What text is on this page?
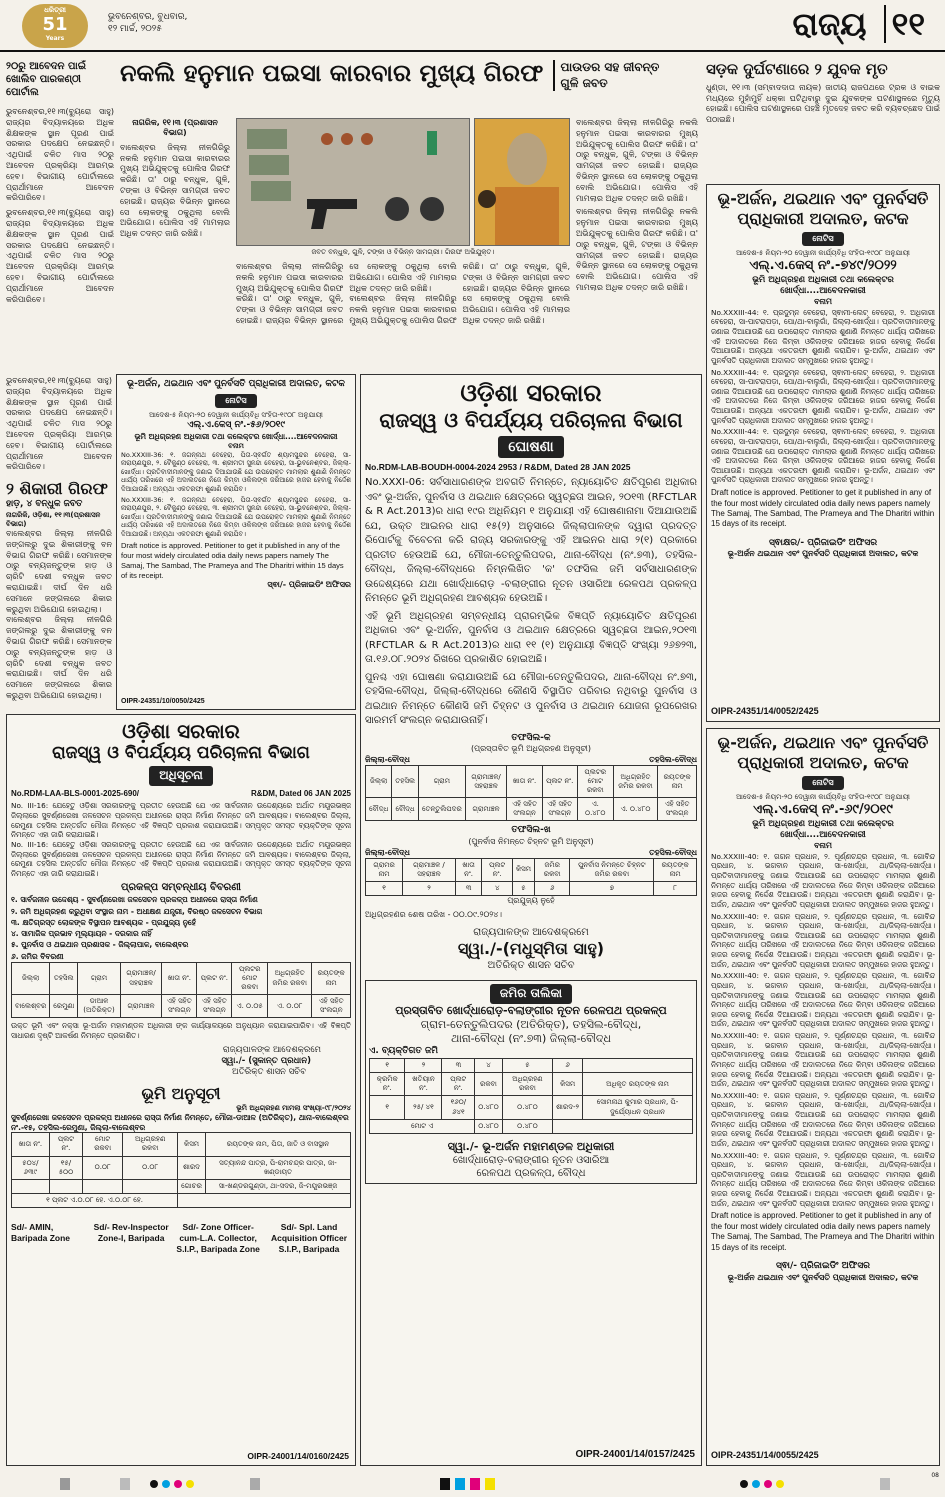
ଧରିତ୍ରୀ
51
Years
ଭୁବନେଶ୍ବର, ବୁଧବାର,
୧୨ ମାର୍ଚ୍ଚ, ୨୦୨୫	ରାଜ୍ୟ ୧୧
୨୦ରୁ ଆବେଦନ ପାଇଁ ଖୋଲିବ ପାରକଣ୍ଠୀ ପୋର୍ଟାଲ
ଭୁବନେଶ୍ବର,୧୧।୩(ବ୍ୟୁରୋ ସାହୁ) ରାଜ୍ୟର ବିଦ୍ୟାଳୟରେ ଅଧିକ ଶିକ୍ଷକଙ୍କ ସ୍ଥାନ ପୂରଣ ପାଇଁ ସରକାର ପଦକ୍ଷେପ ନେଇଛନ୍ତି। ଏଥିପାଇଁ ଚଳିତ ମାସ ୨୦ରୁ ଆବେଦନ ପ୍ରକ୍ରିୟା ଆରମ୍ଭ ହେବ। ବିଭାଗୀୟ ପୋର୍ଟାଲରେ ପ୍ରାର୍ଥୀମାନେ ଆବେଦନ କରିପାରିବେ।
ଭୁବନେଶ୍ବର,୧୧।୩(ବ୍ୟୁରୋ ସାହୁ) ରାଜ୍ୟର ବିଦ୍ୟାଳୟରେ ଅଧିକ ଶିକ୍ଷକଙ୍କ ସ୍ଥାନ ପୂରଣ ପାଇଁ ସରକାର ପଦକ୍ଷେପ ନେଇଛନ୍ତି। ଏଥିପାଇଁ ଚଳିତ ମାସ ୨୦ରୁ ଆବେଦନ ପ୍ରକ୍ରିୟା ଆରମ୍ଭ ହେବ। ବିଭାଗୀୟ ପୋର୍ଟାଲରେ ପ୍ରାର୍ଥୀମାନେ ଆବେଦନ କରିପାରିବେ।
ନକଲି ହନୁମାନ ପଇସା କାରବାର ମୁଖ୍ୟ ଗିରଫ ପାଉଡର ସହ ଜୀବନ୍ତ ଗୁଳି ଜବତ
ନାଗରିକ, ୧୧।୩ (ପ୍ରଶାସନ ବିଭାଗ)
ବାଲେଶ୍ବର ଜିଲ୍ଲା ନୀଳଗିରିରୁ ନକଲି ହନୁମାନ ପଇସା କାରବାରର ମୁଖ୍ୟ ଅଭିଯୁକ୍ତକୁ ପୋଲିସ ଗିରଫ କରିଛି। ତା' ଠାରୁ ବନ୍ଧୁକ, ଗୁଳି, ଟଙ୍କା ଓ ବିଭିନ୍ନ ସାମଗ୍ରୀ ଜବତ ହୋଇଛି। ରାଜ୍ୟର ବିଭିନ୍ନ ସ୍ଥାନରେ ସେ ଲୋକଙ୍କୁ ଠକୁଥିଲା ବୋଲି ଅଭିଯୋଗ। ପୋଲିସ ଏହି ମାମଲାର ଅଧିକ ତଦନ୍ତ ଜାରି ରଖିଛି।
ଜବତ ବନ୍ଧୁକ, ଗୁଳି, ଟଙ୍କା ଓ ବିଭିନ୍ନ ସାମଗ୍ରୀ। ଗିରଫ ଅଭିଯୁକ୍ତ।
ବାଲେଶ୍ବର ଜିଲ୍ଲା ନୀଳଗିରିରୁ ନକଲି ହନୁମାନ ପଇସା କାରବାରର ମୁଖ୍ୟ ଅଭିଯୁକ୍ତକୁ ପୋଲିସ ଗିରଫ କରିଛି। ତା' ଠାରୁ ବନ୍ଧୁକ, ଗୁଳି, ଟଙ୍କା ଓ ବିଭିନ୍ନ ସାମଗ୍ରୀ ଜବତ ହୋଇଛି। ରାଜ୍ୟର ବିଭିନ୍ନ ସ୍ଥାନରେ ସେ ଲୋକଙ୍କୁ ଠକୁଥିଲା ବୋଲି ଅଭିଯୋଗ। ପୋଲିସ ଏହି ମାମଲାର ଅଧିକ ତଦନ୍ତ ଜାରି ରଖିଛି।
ବାଲେଶ୍ବର ଜିଲ୍ଲା ନୀଳଗିରିରୁ ନକଲି ହନୁମାନ ପଇସା କାରବାରର ମୁଖ୍ୟ ଅଭିଯୁକ୍ତକୁ ପୋଲିସ ଗିରଫ କରିଛି। ତା' ଠାରୁ ବନ୍ଧୁକ, ଗୁଳି, ଟଙ୍କା ଓ ବିଭିନ୍ନ ସାମଗ୍ରୀ ଜବତ ହୋଇଛି। ରାଜ୍ୟର ବିଭିନ୍ନ ସ୍ଥାନରେ ସେ ଲୋକଙ୍କୁ ଠକୁଥିଲା ବୋଲି ଅଭିଯୋଗ। ପୋଲିସ ଏହି ମାମଲାର ଅଧିକ ତଦନ୍ତ ଜାରି ରଖିଛି।
ବାଲେଶ୍ବର ଜିଲ୍ଲା ନୀଳଗିରିରୁ ନକଲି ହନୁମାନ ପଇସା କାରବାରର ମୁଖ୍ୟ ଅଭିଯୁକ୍ତକୁ ପୋଲିସ ଗିରଫ କରିଛି। ତା' ଠାରୁ ବନ୍ଧୁକ, ଗୁଳି, ଟଙ୍କା ଓ ବିଭିନ୍ନ ସାମଗ୍ରୀ ଜବତ ହୋଇଛି। ରାଜ୍ୟର ବିଭିନ୍ନ ସ୍ଥାନରେ ସେ ଲୋକଙ୍କୁ ଠକୁଥିଲା ବୋଲି ଅଭିଯୋଗ। ପୋଲିସ ଏହି ମାମଲାର ଅଧିକ ତଦନ୍ତ ଜାରି ରଖିଛି।
ବାଲେଶ୍ବର ଜିଲ୍ଲା ନୀଳଗିରିରୁ ନକଲି ହନୁମାନ ପଇସା କାରବାରର ମୁଖ୍ୟ ଅଭିଯୁକ୍ତକୁ ପୋଲିସ ଗିରଫ କରିଛି। ତା' ଠାରୁ ବନ୍ଧୁକ, ଗୁଳି, ଟଙ୍କା ଓ ବିଭିନ୍ନ ସାମଗ୍ରୀ ଜବତ ହୋଇଛି। ରାଜ୍ୟର ବିଭିନ୍ନ ସ୍ଥାନରେ ସେ ଲୋକଙ୍କୁ ଠକୁଥିଲା ବୋଲି ଅଭିଯୋଗ। ପୋଲିସ ଏହି ମାମଲାର ଅଧିକ ତଦନ୍ତ ଜାରି ରଖିଛି।
ସଡ଼କ ଦୁର୍ଘଟଣାରେ ୨ ଯୁବକ ମୃତ
ଧୁଣ୍ଡା, ୧୧।୩ (ସମ୍ବାଦଦାତା ନାୟକ) ଜାତୀୟ ରାଜପଥରେ ଟ୍ରକ ଓ ବାଇକ ମଧ୍ୟରେ ମୁହାଁମୁହିଁ ଧକ୍କା ଘଟିଥିବାରୁ ଦୁଇ ଯୁବକଙ୍କ ଘଟଣାସ୍ଥଳରେ ମୃତ୍ୟୁ ହୋଇଛି। ପୋଲିସ ଘଟଣାସ୍ଥଳରେ ପହଞ୍ଚି ମୃତଦେହ ଜବତ କରି ବ୍ୟବଚ୍ଛେଦ ପାଇଁ ପଠାଇଛି।
ଭୂ-ଅର୍ଜନ, ଥଇଥାନ ଏବଂ ପୁନର୍ବସତି
ପ୍ରାଧିକାରୀ ଅଦାଲତ, କଟକ
ନୋଟିସ
ଆଦେଶ-୫ ନିୟମ-୨୦ ଦେୱାନୀ କାର୍ଯ୍ୟବିଧି ସଂହିତା-୧୯୦୮ ଅନୁଯାୟୀ
ଏଲ୍.ଏ.କେସ୍ ନଂ.-୭୪୯/୨୦୨୨
ଭୂମି ଅଧିଗ୍ରହଣ ଅଧିକାରୀ ତଥା କଲେକ୍ଟର ଖୋର୍ଦ୍ଧା....ଆବେଦନକାରୀ
ବନାମ
No.XXXIII-44: ୧. ପ୍ରଦୁମ୍ନ ବେହେରା, ସ୍ଵାମୀ-ଲେଟ୍ ବେହେରା, ୨. ଅଧିକାରୀ ବେହେରା, ସା-ପାଟରାପଡ଼ା, ପୋ/ଥା-ବାଲୁଗାଁ, ଜିଲ୍ଲା-ଖୋର୍ଦ୍ଧା। ପ୍ରତିବାଦୀମାନଙ୍କୁ ଜଣାଇ ଦିଆଯାଉଛି ଯେ ଉପରୋକ୍ତ ମାମଲାର ଶୁଣାଣି ନିମନ୍ତେ ଧାର୍ଯ୍ୟ ତାରିଖରେ ଏହି ଅଦାଲତରେ ନିଜେ କିମ୍ବା ଓକିଲଙ୍କ ଜରିଆରେ ହାଜର ହେବାକୁ ନିର୍ଦ୍ଦେଶ ଦିଆଯାଉଛି। ଅନ୍ୟଥା ଏକତରଫା ଶୁଣାଣି କରାଯିବ। ଭୂ-ଅର୍ଜନ, ଥଇଥାନ ଏବଂ ପୁନର୍ବସତି ପ୍ରାଧିକାରୀ ଅଦାଲତ ସମ୍ମୁଖରେ ହାଜର ହୁଅନ୍ତୁ।
No.XXXIII-44: ୧. ପ୍ରଦୁମ୍ନ ବେହେରା, ସ୍ଵାମୀ-ଲେଟ୍ ବେହେରା, ୨. ଅଧିକାରୀ ବେହେରା, ସା-ପାଟରାପଡ଼ା, ପୋ/ଥା-ବାଲୁଗାଁ, ଜିଲ୍ଲା-ଖୋର୍ଦ୍ଧା। ପ୍ରତିବାଦୀମାନଙ୍କୁ ଜଣାଇ ଦିଆଯାଉଛି ଯେ ଉପରୋକ୍ତ ମାମଲାର ଶୁଣାଣି ନିମନ୍ତେ ଧାର୍ଯ୍ୟ ତାରିଖରେ ଏହି ଅଦାଲତରେ ନିଜେ କିମ୍ବା ଓକିଲଙ୍କ ଜରିଆରେ ହାଜର ହେବାକୁ ନିର୍ଦ୍ଦେଶ ଦିଆଯାଉଛି। ଅନ୍ୟଥା ଏକତରଫା ଶୁଣାଣି କରାଯିବ। ଭୂ-ଅର୍ଜନ, ଥଇଥାନ ଏବଂ ପୁନର୍ବସତି ପ୍ରାଧିକାରୀ ଅଦାଲତ ସମ୍ମୁଖରେ ହାଜର ହୁଅନ୍ତୁ।
No.XXXIII-44: ୧. ପ୍ରଦୁମ୍ନ ବେହେରା, ସ୍ଵାମୀ-ଲେଟ୍ ବେହେରା, ୨. ଅଧିକାରୀ ବେହେରା, ସା-ପାଟରାପଡ଼ା, ପୋ/ଥା-ବାଲୁଗାଁ, ଜିଲ୍ଲା-ଖୋର୍ଦ୍ଧା। ପ୍ରତିବାଦୀମାନଙ୍କୁ ଜଣାଇ ଦିଆଯାଉଛି ଯେ ଉପରୋକ୍ତ ମାମଲାର ଶୁଣାଣି ନିମନ୍ତେ ଧାର୍ଯ୍ୟ ତାରିଖରେ ଏହି ଅଦାଲତରେ ନିଜେ କିମ୍ବା ଓକିଲଙ୍କ ଜରିଆରେ ହାଜର ହେବାକୁ ନିର୍ଦ୍ଦେଶ ଦିଆଯାଉଛି। ଅନ୍ୟଥା ଏକତରଫା ଶୁଣାଣି କରାଯିବ। ଭୂ-ଅର୍ଜନ, ଥଇଥାନ ଏବଂ ପୁନର୍ବସତି ପ୍ରାଧିକାରୀ ଅଦାଲତ ସମ୍ମୁଖରେ ହାଜର ହୁଅନ୍ତୁ।
Draft notice is approved. Petitioner to get it published in any of the four most widely circulated odia daily news papers namely The Samaj, The Sambad, The Prameya and The Dharitri within 15 days of its receipt.
ସ୍ଵାକ୍ଷର/- ପ୍ରିଜାଇଡିଂ ଅଫିସର
ଭୂ-ଅର୍ଜନ ଥଇଥାନ ଏବଂ ପୁନର୍ବସତି ପ୍ରାଧିକାରୀ ଅଦାଲତ, କଟକ
OIPR-24351/14/0052/2425
ଭୂ-ଅର୍ଜନ, ଥଇଥାନ ଏବଂ ପୁନର୍ବସତି
ପ୍ରାଧିକାରୀ ଅଦାଲତ, କଟକ
ନୋଟିସ
ଆଦେଶ-୫ ନିୟମ-୨୦ ଦେୱାନୀ କାର୍ଯ୍ୟବିଧି ସଂହିତା-୧୯୦୮ ଅନୁଯାୟୀ
ଏଲ୍.ଏ.କେସ୍ ନଂ.-୬୯/୨୦୧୯
ଭୂମି ଅଧିଗ୍ରହଣ ଅଧିକାରୀ ତଥା କଲେକ୍ଟର ଖୋର୍ଦ୍ଧା....ଆବେଦନକାରୀ
ବନାମ
No.XXXIII-40: ୧. ଗଗନ ପ୍ରଧାନ, ୨. ପୂର୍ଣ୍ଣଚନ୍ଦ୍ର ପ୍ରଧାନ, ୩. ଗୋବିନ୍ଦ ପ୍ରଧାନ, ୪. ଭଗବାନ ପ୍ରଧାନ, ସା-ଖୋର୍ଦ୍ଧା, ଥା/ଜିଲ୍ଲା-ଖୋର୍ଦ୍ଧା। ପ୍ରତିବାଦୀମାନଙ୍କୁ ଜଣାଇ ଦିଆଯାଉଛି ଯେ ଉପରୋକ୍ତ ମାମଲାର ଶୁଣାଣି ନିମନ୍ତେ ଧାର୍ଯ୍ୟ ତାରିଖରେ ଏହି ଅଦାଲତରେ ନିଜେ କିମ୍ବା ଓକିଲଙ୍କ ଜରିଆରେ ହାଜର ହେବାକୁ ନିର୍ଦ୍ଦେଶ ଦିଆଯାଉଛି। ଅନ୍ୟଥା ଏକତରଫା ଶୁଣାଣି କରାଯିବ। ଭୂ-ଅର୍ଜନ, ଥଇଥାନ ଏବଂ ପୁନର୍ବସତି ପ୍ରାଧିକାରୀ ଅଦାଲତ ସମ୍ମୁଖରେ ହାଜର ହୁଅନ୍ତୁ।
No.XXXIII-40: ୧. ଗଗନ ପ୍ରଧାନ, ୨. ପୂର୍ଣ୍ଣଚନ୍ଦ୍ର ପ୍ରଧାନ, ୩. ଗୋବିନ୍ଦ ପ୍ରଧାନ, ୪. ଭଗବାନ ପ୍ରଧାନ, ସା-ଖୋର୍ଦ୍ଧା, ଥା/ଜିଲ୍ଲା-ଖୋର୍ଦ୍ଧା। ପ୍ରତିବାଦୀମାନଙ୍କୁ ଜଣାଇ ଦିଆଯାଉଛି ଯେ ଉପରୋକ୍ତ ମାମଲାର ଶୁଣାଣି ନିମନ୍ତେ ଧାର୍ଯ୍ୟ ତାରିଖରେ ଏହି ଅଦାଲତରେ ନିଜେ କିମ୍ବା ଓକିଲଙ୍କ ଜରିଆରେ ହାଜର ହେବାକୁ ନିର୍ଦ୍ଦେଶ ଦିଆଯାଉଛି। ଅନ୍ୟଥା ଏକତରଫା ଶୁଣାଣି କରାଯିବ। ଭୂ-ଅର୍ଜନ, ଥଇଥାନ ଏବଂ ପୁନର୍ବସତି ପ୍ରାଧିକାରୀ ଅଦାଲତ ସମ୍ମୁଖରେ ହାଜର ହୁଅନ୍ତୁ।
No.XXXIII-40: ୧. ଗଗନ ପ୍ରଧାନ, ୨. ପୂର୍ଣ୍ଣଚନ୍ଦ୍ର ପ୍ରଧାନ, ୩. ଗୋବିନ୍ଦ ପ୍ରଧାନ, ୪. ଭଗବାନ ପ୍ରଧାନ, ସା-ଖୋର୍ଦ୍ଧା, ଥା/ଜିଲ୍ଲା-ଖୋର୍ଦ୍ଧା। ପ୍ରତିବାଦୀମାନଙ୍କୁ ଜଣାଇ ଦିଆଯାଉଛି ଯେ ଉପରୋକ୍ତ ମାମଲାର ଶୁଣାଣି ନିମନ୍ତେ ଧାର୍ଯ୍ୟ ତାରିଖରେ ଏହି ଅଦାଲତରେ ନିଜେ କିମ୍ବା ଓକିଲଙ୍କ ଜରିଆରେ ହାଜର ହେବାକୁ ନିର୍ଦ୍ଦେଶ ଦିଆଯାଉଛି। ଅନ୍ୟଥା ଏକତରଫା ଶୁଣାଣି କରାଯିବ। ଭୂ-ଅର୍ଜନ, ଥଇଥାନ ଏବଂ ପୁନର୍ବସତି ପ୍ରାଧିକାରୀ ଅଦାଲତ ସମ୍ମୁଖରେ ହାଜର ହୁଅନ୍ତୁ।
No.XXXIII-40: ୧. ଗଗନ ପ୍ରଧାନ, ୨. ପୂର୍ଣ୍ଣଚନ୍ଦ୍ର ପ୍ରଧାନ, ୩. ଗୋବିନ୍ଦ ପ୍ରଧାନ, ୪. ଭଗବାନ ପ୍ରଧାନ, ସା-ଖୋର୍ଦ୍ଧା, ଥା/ଜିଲ୍ଲା-ଖୋର୍ଦ୍ଧା। ପ୍ରତିବାଦୀମାନଙ୍କୁ ଜଣାଇ ଦିଆଯାଉଛି ଯେ ଉପରୋକ୍ତ ମାମଲାର ଶୁଣାଣି ନିମନ୍ତେ ଧାର୍ଯ୍ୟ ତାରିଖରେ ଏହି ଅଦାଲତରେ ନିଜେ କିମ୍ବା ଓକିଲଙ୍କ ଜରିଆରେ ହାଜର ହେବାକୁ ନିର୍ଦ୍ଦେଶ ଦିଆଯାଉଛି। ଅନ୍ୟଥା ଏକତରଫା ଶୁଣାଣି କରାଯିବ। ଭୂ-ଅର୍ଜନ, ଥଇଥାନ ଏବଂ ପୁନର୍ବସତି ପ୍ରାଧିକାରୀ ଅଦାଲତ ସମ୍ମୁଖରେ ହାଜର ହୁଅନ୍ତୁ।
No.XXXIII-40: ୧. ଗଗନ ପ୍ରଧାନ, ୨. ପୂର୍ଣ୍ଣଚନ୍ଦ୍ର ପ୍ରଧାନ, ୩. ଗୋବିନ୍ଦ ପ୍ରଧାନ, ୪. ଭଗବାନ ପ୍ରଧାନ, ସା-ଖୋର୍ଦ୍ଧା, ଥା/ଜିଲ୍ଲା-ଖୋର୍ଦ୍ଧା। ପ୍ରତିବାଦୀମାନଙ୍କୁ ଜଣାଇ ଦିଆଯାଉଛି ଯେ ଉପରୋକ୍ତ ମାମଲାର ଶୁଣାଣି ନିମନ୍ତେ ଧାର୍ଯ୍ୟ ତାରିଖରେ ଏହି ଅଦାଲତରେ ନିଜେ କିମ୍ବା ଓକିଲଙ୍କ ଜରିଆରେ ହାଜର ହେବାକୁ ନିର୍ଦ୍ଦେଶ ଦିଆଯାଉଛି। ଅନ୍ୟଥା ଏକତରଫା ଶୁଣାଣି କରାଯିବ। ଭୂ-ଅର୍ଜନ, ଥଇଥାନ ଏବଂ ପୁନର୍ବସତି ପ୍ରାଧିକାରୀ ଅଦାଲତ ସମ୍ମୁଖରେ ହାଜର ହୁଅନ୍ତୁ।
No.XXXIII-40: ୧. ଗଗନ ପ୍ରଧାନ, ୨. ପୂର୍ଣ୍ଣଚନ୍ଦ୍ର ପ୍ରଧାନ, ୩. ଗୋବିନ୍ଦ ପ୍ରଧାନ, ୪. ଭଗବାନ ପ୍ରଧାନ, ସା-ଖୋର୍ଦ୍ଧା, ଥା/ଜିଲ୍ଲା-ଖୋର୍ଦ୍ଧା। ପ୍ରତିବାଦୀମାନଙ୍କୁ ଜଣାଇ ଦିଆଯାଉଛି ଯେ ଉପରୋକ୍ତ ମାମଲାର ଶୁଣାଣି ନିମନ୍ତେ ଧାର୍ଯ୍ୟ ତାରିଖରେ ଏହି ଅଦାଲତରେ ନିଜେ କିମ୍ବା ଓକିଲଙ୍କ ଜରିଆରେ ହାଜର ହେବାକୁ ନିର୍ଦ୍ଦେଶ ଦିଆଯାଉଛି। ଅନ୍ୟଥା ଏକତରଫା ଶୁଣାଣି କରାଯିବ। ଭୂ-ଅର୍ଜନ, ଥଇଥାନ ଏବଂ ପୁନର୍ବସତି ପ୍ରାଧିକାରୀ ଅଦାଲତ ସମ୍ମୁଖରେ ହାଜର ହୁଅନ୍ତୁ।
Draft notice is approved. Petitioner to get it published in any of the four most widely circulated odia daily news papers namely The Samaj, The Sambad, The Prameya and The Dharitri within 15 days of its receipt.
ସ୍ଵା/- ପ୍ରିଜାଇଡିଂ ଅଫିସର
ଭୂ-ଅର୍ଜନ ଥଇଥାନ ଏବଂ ପୁନର୍ବସତି ପ୍ରାଧିକାରୀ ଅଦାଲତ, କଟକ
OIPR-24351/14/0055/2425
ଭୂ-ଅର୍ଜନ, ଥଇଥାନ ଏବଂ ପୁନର୍ବସତି ପ୍ରାଧିକାରୀ ଅଦାଲତ, କଟକ
ନୋଟିସ
ଆଦେଶ-୫ ନିୟମ-୨୦ ଦେୱାନୀ କାର୍ଯ୍ୟବିଧି ସଂହିତା-୧୯୦୮ ଅନୁଯାୟୀ
ଏଲ୍.ଏ.କେସ୍ ନଂ.-୫୬/୨୦୧୯
ଭୂମି ଅଧିଗ୍ରହଣ ଅଧିକାରୀ ତଥା କଲେକ୍ଟର ଖୋର୍ଦ୍ଧା....ଆବେଦନକାରୀ
ବନାମ
No.XXXIII-36: ୧. ଜଗନ୍ନାଥ ବେହେରା, ପିତା-ସ୍ଵର୍ଗତ ଶ୍ୟାମସୁନ୍ଦର ବେହେରା, ସା-ନାରାୟଣପୁର, ୨. ବୈକୁଣ୍ଠ ବେହେରା, ୩. ଶ୍ରୀମତୀ ସୁନନ୍ଦା ବେହେରା, ସା-ଭୁବନେଶ୍ବର, ଜିଲ୍ଲା-ଖୋର୍ଦ୍ଧା। ପ୍ରତିବାଦୀମାନଙ୍କୁ ଜଣାଇ ଦିଆଯାଉଛି ଯେ ଉପରୋକ୍ତ ମାମଲାର ଶୁଣାଣି ନିମନ୍ତେ ଧାର୍ଯ୍ୟ ତାରିଖରେ ଏହି ଅଦାଲତରେ ନିଜେ କିମ୍ବା ଓକିଲଙ୍କ ଜରିଆରେ ହାଜର ହେବାକୁ ନିର୍ଦ୍ଦେଶ ଦିଆଯାଉଛି। ଅନ୍ୟଥା ଏକତରଫା ଶୁଣାଣି କରାଯିବ।
No.XXXIII-36: ୧. ଜଗନ୍ନାଥ ବେହେରା, ପିତା-ସ୍ଵର୍ଗତ ଶ୍ୟାମସୁନ୍ଦର ବେହେରା, ସା-ନାରାୟଣପୁର, ୨. ବୈକୁଣ୍ଠ ବେହେରା, ୩. ଶ୍ରୀମତୀ ସୁନନ୍ଦା ବେହେରା, ସା-ଭୁବନେଶ୍ବର, ଜିଲ୍ଲା-ଖୋର୍ଦ୍ଧା। ପ୍ରତିବାଦୀମାନଙ୍କୁ ଜଣାଇ ଦିଆଯାଉଛି ଯେ ଉପରୋକ୍ତ ମାମଲାର ଶୁଣାଣି ନିମନ୍ତେ ଧାର୍ଯ୍ୟ ତାରିଖରେ ଏହି ଅଦାଲତରେ ନିଜେ କିମ୍ବା ଓକିଲଙ୍କ ଜରିଆରେ ହାଜର ହେବାକୁ ନିର୍ଦ୍ଦେଶ ଦିଆଯାଉଛି। ଅନ୍ୟଥା ଏକତରଫା ଶୁଣାଣି କରାଯିବ।
Draft notice is approved. Petitioner to get it published in any of the four most widely circulated odia daily news papers namely The Samaj, The Sambad, The Prameya and The Dharitri within 15 days of its receipt.
ସ୍ଵା/- ପ୍ରିଜାଇଡିଂ ଅଫିସର
OIPR-24351/10/0050/2425
ଭୁବନେଶ୍ବର,୧୧।୩(ବ୍ୟୁରୋ ସାହୁ) ରାଜ୍ୟର ବିଦ୍ୟାଳୟରେ ଅଧିକ ଶିକ୍ଷକଙ୍କ ସ୍ଥାନ ପୂରଣ ପାଇଁ ସରକାର ପଦକ୍ଷେପ ନେଇଛନ୍ତି। ଏଥିପାଇଁ ଚଳିତ ମାସ ୨୦ରୁ ଆବେଦନ ପ୍ରକ୍ରିୟା ଆରମ୍ଭ ହେବ। ବିଭାଗୀୟ ପୋର୍ଟାଲରେ ପ୍ରାର୍ଥୀମାନେ ଆବେଦନ କରିପାରିବେ।
୨ ଶିକାରୀ ଗିରଫ
ହାଡ଼, ୪ ବନ୍ଧୁକ ଜବତ
ନାଗରିକି, ଓଡ଼ିଶା, ୧୧।୩(ପ୍ରଶାସନ ବିଭାଗ)
ବାଲେଶ୍ବର ଜିଲ୍ଲା ନୀଳଗିରି ଜଙ୍ଗଲରୁ ଦୁଇ ଶିକାରୀଙ୍କୁ ବନ ବିଭାଗ ଗିରଫ କରିଛି। ସେମାନଙ୍କ ଠାରୁ ବନ୍ୟଜନ୍ତୁଙ୍କ ହାଡ଼ ଓ ଚାରିଟି ଦେଶୀ ବନ୍ଧୁକ ଜବତ କରାଯାଇଛି। ଦୀର୍ଘ ଦିନ ଧରି ସେମାନେ ଜଙ୍ଗଲରେ ଶିକାର କରୁଥିବା ଅଭିଯୋଗ ହୋଇଥିଲା।
ବାଲେଶ୍ବର ଜିଲ୍ଲା ନୀଳଗିରି ଜଙ୍ଗଲରୁ ଦୁଇ ଶିକାରୀଙ୍କୁ ବନ ବିଭାଗ ଗିରଫ କରିଛି। ସେମାନଙ୍କ ଠାରୁ ବନ୍ୟଜନ୍ତୁଙ୍କ ହାଡ଼ ଓ ଚାରିଟି ଦେଶୀ ବନ୍ଧୁକ ଜବତ କରାଯାଇଛି। ଦୀର୍ଘ ଦିନ ଧରି ସେମାନେ ଜଙ୍ଗଲରେ ଶିକାର କରୁଥିବା ଅଭିଯୋଗ ହୋଇଥିଲା।
ଓଡ଼ିଶା ସରକାର
ରାଜସ୍ୱ ଓ ବିପର୍ଯ୍ୟୟ ପରିଚାଳନା ବିଭାଗ
ଘୋଷଣା
No.RDM-LAB-BOUDH-0004-2024 2953 / R&DM, Dated 28 JAN 2025
No.XXXI-06: ସର୍ବସାଧାରଣଙ୍କ ଅବଗତି ନିମନ୍ତେ, ନ୍ୟାୟୋଚିତ କ୍ଷତିପୂରଣ ଅଧିକାର ଏବଂ ଭୂ-ଅର୍ଜନ, ପୁନର୍ବାସ ଓ ଥଇଥାନ କ୍ଷେତ୍ରରେ ସ୍ୱଚ୍ଛତା ଆଇନ, ୨୦୧୩ (RFCTLAR & R Act.2013)ର ଧାରା ୧୯ର ଅଧିନିୟମ ୧ ଅନୁଯାୟୀ ଏହି ଘୋଷଣାନାମା ଦିଆଯାଉଅଛି ଯେ, ଉକ୍ତ ଆଇନର ଧାରା ୧୫(୨) ଅନୁସାରେ ଜିଲ୍ଲାପାଳଙ୍କ ଦ୍ୱାରା ପ୍ରଦତ୍ତ ରିପୋର୍ଟକୁ ବିବେଚନା କରି ରାଜ୍ୟ ସରକାରଙ୍କୁ ଏହି ଆଇନର ଧାରା ୨(୧) ପ୍ରକାରେ ପ୍ରତୀତ ହେଉଅଛି ଯେ, ମୌଜା-ତେନ୍ତୁଲିପଦର, ଥାନା-ବୌଦ୍ଧ (ନଂ.୭୩), ତହସିଲ-ବୌଦ୍ଧ, ଜିଲ୍ଲା-ବୌଦ୍ଧରେ ନିମ୍ନଲିଖିତ 'କ' ତଫସିଲ ଜମି ସର୍ବସାଧାରଣଙ୍କ ଉଦ୍ଦେଶ୍ୟରେ ଯଥା ଖୋର୍ଦ୍ଧାରୋଡ଼ -ବଲାଙ୍ଗୀର ନୂତନ ଓସାରିଆ ରେଳପଥ ପ୍ରକଳ୍ପ ନିମନ୍ତେ ଭୂମି ଅଧିଗ୍ରହଣ ଆବଶ୍ୟକ ହେଉଅଛି।
ଏହି ଭୂମି ଅଧିଗ୍ରହଣ ସମ୍ବନ୍ଧୀୟ ପ୍ରାରମ୍ଭିକ ବିଜ୍ଞପ୍ତି ନ୍ୟାୟୋଚିତ କ୍ଷତିପୂରଣ ଅଧିକାର ଏବଂ ଭୂ-ଅର୍ଜନ, ପୁନର୍ବାସ ଓ ଥଇଥାନ କ୍ଷେତ୍ରରେ ସ୍ୱଚ୍ଛତା ଆଇନ,୨୦୧୩ (RFCTLAR & R Act.2013)ର ଧାରା ୧୧ (୧) ଅନୁଯାୟୀ ବିଜ୍ଞପ୍ତି ସଂଖ୍ୟା ୨୬୭୨୩, ତା.୧୬.୦୮.୨୦୨୪ ରିଖରେ ପ୍ରକାଶିତ ହୋଇଅଛି।
ପୁନଶ୍ଚ ଏହା ଘୋଷଣା କରାଯାଉଅଛି ଯେ ମୌଜା-ତେନ୍ତୁଲିପଦର, ଥାନା-ବୌଦ୍ଧ ନଂ.୭୩, ତହସିଲ-ବୌଦ୍ଧ, ଜିଲ୍ଲା-ବୌଦ୍ଧରେ କୌଣସି ବିସ୍ଥାପିତ ପରିବାର ନଥିବାରୁ ପୁନର୍ବାସ ଓ ଥଇଥାନ ନିମନ୍ତେ କୌଣସି ଜମି ଚିହ୍ନଟ ଓ ପୁନର୍ବାସ ଓ ଥଇଥାନ ଯୋଜନା ରୂପରେଖର ସାରମର୍ମ ସଂଲଗ୍ନ କରାଯାଉନାହିଁ।
ତଫସିଲ-କ
(ପ୍ରସ୍ତାବିତ ଭୂମି ଅଧିଗ୍ରହଣ ଅନୁସୂଚୀ)
ଜିଲ୍ଲା-ବୌଦ୍ଧ	ତହସିଲ-ବୌଦ୍ଧ
ଜିଲ୍ଲା	ତହସିଲ	ଗ୍ରାମ	ଗ୍ରାମାଞ୍ଚଳ/ ସହରାଞ୍ଚଳ	ଖାତା ନଂ.	ପ୍ଲଟ ନଂ.	ପ୍ଲଟର ମୋଟ ରକବା	ଅଧିଗ୍ରହିତ ଜମିର ରକବା	ରୟତଙ୍କ ନାମ
ବୌଦ୍ଧ	ବୌଦ୍ଧ	ତେନ୍ତୁଲିପଦର	ଗ୍ରାମାଞ୍ଚଳ	ଏହି ସହିତ ସଂଲଗ୍ନ	ଏହି ସହିତ ସଂଲଗ୍ନ	ଏ. ୦.୪୮୦	ଏ. ୦.୪୮୦	ଏହି ସହିତ ସଂଲଗ୍ନ
ତଫସିଲ-ଖ
(ପୁନର୍ବାସ ନିମନ୍ତେ ଚିହ୍ନଟ ଭୂମି ଅନୁସୂଚୀ)
ଜିଲ୍ଲା-ବୌଦ୍ଧ	ତହସିଲ-ବୌଦ୍ଧ
ଗ୍ରାମର ନାମ	ଗ୍ରାମାଞ୍ଚଳ /ସହରାଞ୍ଚଳ	ଖାତା ନଂ.	ପ୍ଲଟ ନଂ.	କିସମ	ଜମିର ରକବା	ପୁନର୍ବାସ ନିମନ୍ତେ ଚିହ୍ନଟ ଜମିର ରକବା	ରୟତଙ୍କ ନାମ
୧	୨	୩	୪	୫	୬	୭	୮
ପ୍ରଯୁଜ୍ୟ ନୁହେଁ
ଅଧିଗ୍ରହଣର ଶେଷ ତାରିଖ - ୦୦.୦୯.୨୦୨୪।
ରାଜ୍ୟପାଳଙ୍କ ଆଦେଶକ୍ରମେ
ସ୍ୱା./-(ମଧୁସ୍ମିତା ସାହୁ)
ଅତିରିକ୍ତ ଶାସନ ସଚିବ
ଜମିର ତାଲିକା
ପ୍ରସ୍ତାବିତ ଖୋର୍ଦ୍ଧାରୋଡ଼-ବଲାଙ୍ଗୀର ନୂତନ ରେଳପଥ ପ୍ରକଳ୍ପ
ଗ୍ରାମ-ତେନ୍ତୁଲିପଦର (ଅତିରିକ୍ତ), ତହସିଲ-ବୌଦ୍ଧ,
ଥାନା-ବୌଦ୍ଧ (ନଂ.୭୩) ଜିଲ୍ଲା-ବୌଦ୍ଧ
ଏ. ବ୍ୟକ୍ତିଗତ ଜମି
୧	୨	୩	୪	୫	୬	
କ୍ରମିକ ନଂ.	ଖତିୟାନ ନଂ.	ପ୍ଲଟ ନଂ.	ରକବା	ଅଧିଗ୍ରହଣ ରକବା	କିସମ	ଅଧିକୃତ ରୟତଙ୍କ ନାମ
୧	୨୫/ ୪୧	୧୬୦/ ୬୪୧	୦.୪୮୦	୦.୪୮୦	ଶାରଦ-୨	ସୋମନାଥ କୁମାର ପ୍ରଧାନ, ପି-ଦୁର୍ଯ୍ୟୋଧନ ପ୍ରଧାନ
ମୋଟ ଏ			୦.୪୮୦	୦.୪୮୦		
ସ୍ୱା./- ଭୂ-ଅର୍ଜନ ମହାମଣ୍ଡଳ ଅଧିକାରୀ
ଖୋର୍ଦ୍ଧାରୋଡ଼-ବଲାଙ୍ଗୀର ନୂତନ ଓସାରିଆ
ରେଳପଥ ପ୍ରକଳ୍ପ, ବୌଦ୍ଧ
OIPR-24001/14/0157/2425
ଓଡ଼ିଶା ସରକାର
ରାଜସ୍ୱ ଓ ବିପର୍ଯ୍ୟୟ ପରିଚାଳନା ବିଭାଗ
ଅଧିସୂଚନା
No.RDM-LAA-BLS-0001-2025-690/	R&DM, Dated 06 JAN 2025
No. III-16: ଯେହେତୁ ଓଡ଼ିଶା ସରକାରଙ୍କୁ ପ୍ରତୀତ ହେଉଅଛି ଯେ ଏକ ସାର୍ବଜନୀନ ଉଦ୍ଦେଶ୍ୟରେ ଅର୍ଥାତ ମୟୂରଭଞ୍ଜ ଜିଲ୍ଲାରେ ସୁବର୍ଣ୍ଣରେଖା ଜଳସେଚନ ପ୍ରକଳ୍ପ ଅଧୀନରେ ରାସ୍ତା ନିର୍ମାଣ ନିମନ୍ତେ ଜମି ଆବଶ୍ୟକ। ବାଲେଶ୍ବର ଜିଲ୍ଲା, ରେମୁଣା ତହସିଲ ଅନ୍ତର୍ଗତ ମୌଜା ନିମନ୍ତେ ଏହି ବିଜ୍ଞପ୍ତି ପ୍ରକାଶ କରାଯାଉଅଛି। ସମ୍ପୃକ୍ତ ସମସ୍ତ ବ୍ୟକ୍ତିଙ୍କ ସୂଚନା ନିମନ୍ତେ ଏହା ଜାରି କରାଯାଇଛି।
No. III-16: ଯେହେତୁ ଓଡ଼ିଶା ସରକାରଙ୍କୁ ପ୍ରତୀତ ହେଉଅଛି ଯେ ଏକ ସାର୍ବଜନୀନ ଉଦ୍ଦେଶ୍ୟରେ ଅର୍ଥାତ ମୟୂରଭଞ୍ଜ ଜିଲ୍ଲାରେ ସୁବର୍ଣ୍ଣରେଖା ଜଳସେଚନ ପ୍ରକଳ୍ପ ଅଧୀନରେ ରାସ୍ତା ନିର୍ମାଣ ନିମନ୍ତେ ଜମି ଆବଶ୍ୟକ। ବାଲେଶ୍ବର ଜିଲ୍ଲା, ରେମୁଣା ତହସିଲ ଅନ୍ତର୍ଗତ ମୌଜା ନିମନ୍ତେ ଏହି ବିଜ୍ଞପ୍ତି ପ୍ରକାଶ କରାଯାଉଅଛି। ସମ୍ପୃକ୍ତ ସମସ୍ତ ବ୍ୟକ୍ତିଙ୍କ ସୂଚନା ନିମନ୍ତେ ଏହା ଜାରି କରାଯାଇଛି।
ପ୍ରକଳ୍ପ ସମ୍ବନ୍ଧୀୟ ବିବରଣୀ
୧. ସାର୍ବଜନୀନ ଉଦ୍ଦେଶ୍ୟ - ସୁବର୍ଣ୍ଣରେଖା ଜଳସେଚନ ପ୍ରକଳ୍ପ ଅଧୀନରେ ରାସ୍ତା ନିର୍ମାଣ
୨. ଜମି ଅଧିଗ୍ରହଣ କରୁଥିବା ସଂସ୍ଥାର ନାମ - ଅଧୀକ୍ଷଣ ଯନ୍ତ୍ରୀ, ବିରଷ୍ଠ ଜଳସେଚନ ବିଭାଗ
୩. କ୍ଷତିଗ୍ରସ୍ତ ଲୋକଙ୍କ ବିସ୍ଥାପନ ଆବଶ୍ୟକ - ପ୍ରଯୁଜ୍ୟ ନୁହେଁ
୪. ସାମାଜିକ ପ୍ରଭାବ ମୂଲ୍ୟାୟନ - ଦରକାର ନାହିଁ
୫. ପୁନର୍ବାସ ଓ ଥଇଥାନ ପ୍ରଶାସକ - ଜିଲ୍ଲାପାଳ, ବାଲେଶ୍ବର
୬. ଜମିର ବିବରଣୀ
ଜିଲ୍ଲା	ତହସିଲ	ଗ୍ରାମ	ଗ୍ରାମାଞ୍ଚଳ/ ସହରାଞ୍ଚଳ	ଖାତା ନଂ.	ପ୍ଲଟ ନଂ.	ପ୍ଲଟର ମୋଟ ରକବା	ଅଧିଗ୍ରହିତ ଜମିର ରକବା	ରୟତଙ୍କ ନାମ
ବାଲେଶ୍ବର	ରେମୁଣା	ଡାଆଳ (ଅତିରିକ୍ତ)	ଗ୍ରାମାଞ୍ଚଳ	ଏହି ସହିତ ସଂଲଗ୍ନ	ଏହି ସହିତ ସଂଲଗ୍ନ	ଏ. ୦.୦୫	ଏ. ୦.୦୮	ଏହି ସହିତ ସଂଲଗ୍ନ
ଉକ୍ତ ଭୂମି ଏବଂ ନକ୍ସା ଭୂ-ଅର୍ଜନ ମହାମଣ୍ଡଳ ଅଧିକାରୀ ଙ୍କ କାର୍ଯ୍ୟାଳୟରେ ଅନୁଧ୍ୟାନ କରାଯାଇପାରିବ। ଏହି ବିଜ୍ଞପ୍ତି ସାଧାରଣ ଦୃଷ୍ଟି ଆକର୍ଷଣ ନିମନ୍ତେ ପ୍ରକାଶିତ।
ରାଜ୍ୟପାଳଙ୍କ ଆଦେଶକ୍ରମେ
ସ୍ୱା./- (ସୁକାନ୍ତ ପ୍ରଧାନ)
ଅତିରିକ୍ତ ଶାସନ ସଚିବ
ଭୂମି ଅନୁସୂଚୀ
ଭୂମି ଅଧିଗ୍ରହଣ ମାମଲା ସଂଖ୍ୟା-୯୮/୨୦୨୪
ସୁବର୍ଣ୍ଣରେଖା ଜଳସେଚନ ପ୍ରକଳ୍ପ ଅଧୀନରେ ରାସ୍ତା ନିର୍ମାଣ ନିମନ୍ତେ, ମୌଜା-ଡାଆଳ (ଅତିରିକ୍ତ), ଥାନା-ବାଲେଶ୍ବର ନଂ.-୧୫, ତହସିଲ-ରେମୁଣା, ଜିଲ୍ଲା-ବାଲେଶ୍ବର
ଖାତା ନଂ.	ପ୍ଲଟ ନଂ.	ମୋଟ ରକବା	ଅଧିଗ୍ରହଣ ରକବା	କିସମ	ରୟତଙ୍କ ନାମ, ପିତା, ଜାତି ଓ ବାସସ୍ଥାନ
୫୦୪/ ୬୩୯	୧୫/ ୫୦୦	୦.୦୮	୦.୦୮	ଶାରଦ	ସତ୍ୟାନନ୍ଦ ପାତ୍ର, ପି-ରାମଚନ୍ଦ୍ର ପାତ୍ର, ଜା-ଖଣ୍ଡାୟତ
				ଗୋଚର	ସା-ଖଣ୍ଡରଗୁଣ୍ଡା, ଥା-ସଦର, ଜି-ମୟୂରଭଞ୍ଜ
୧ ପ୍ଲଟ ଏ.୦.୦୮ ହେ. ଏ.୦.୦୮ ହେ.					
Sd/- AMIN, Baripada Zone
Sd/- Rev-Inspector Zone-I, Baripada
Sd/- Zone Officer-cum-L.A. Collector, S.I.P., Baripada Zone
Sd/- Spl. Land Acquisition Officer S.I.P., Baripada
OIPR-24001/14/0160/2425
08
